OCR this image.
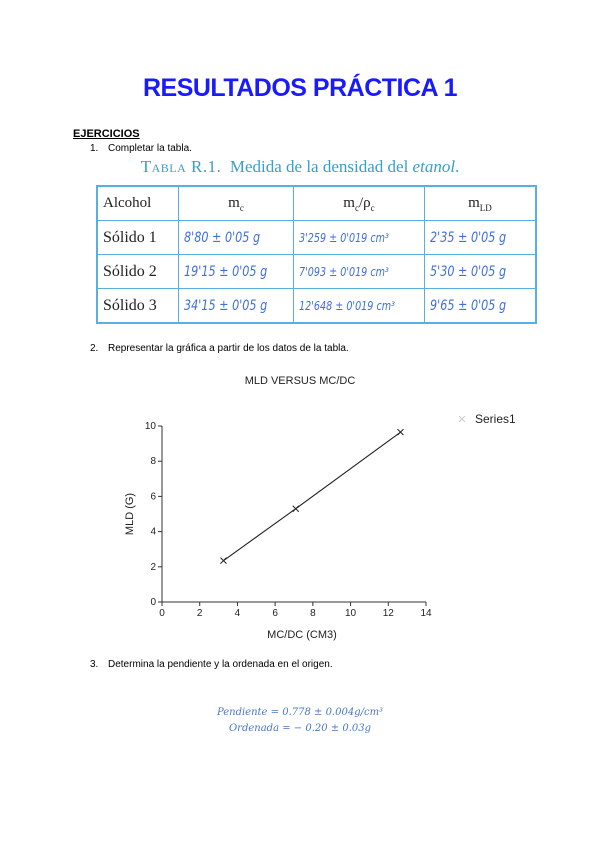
RESULTADOS PRÁCTICA 1
EJERCICIOS
1. Completar la tabla.
Tabla R.1. Medida de la densidad del etanol.
Alcohol	$m_c$	$m_c/\rho_c$	$m_{LD}$
Sólido 1	8'80 ± 0'05 g	3'259 ± 0'019 cm³	2'35 ± 0'05 g
Sólido 2	19'15 ± 0'05 g	7'093 ± 0'019 cm³	5'30 ± 0'05 g
Sólido 3	34'15 ± 0'05 g	12'648 ± 0'019 cm³	9'65 ± 0'05 g
2. Representar la gráfica a partir de los datos de la tabla.
MLD VERSUS MC/DC
0	2	4	6	8	10	12	14
0
2
4
6
8
10
MC/DC (CM3)
MLD (G)
Series1
3. Determina la pendiente y la ordenada en el origen.
Pendiente = 0.778 ± 0.004g/cm³
Ordenada = − 0.20 ± 0.03g
